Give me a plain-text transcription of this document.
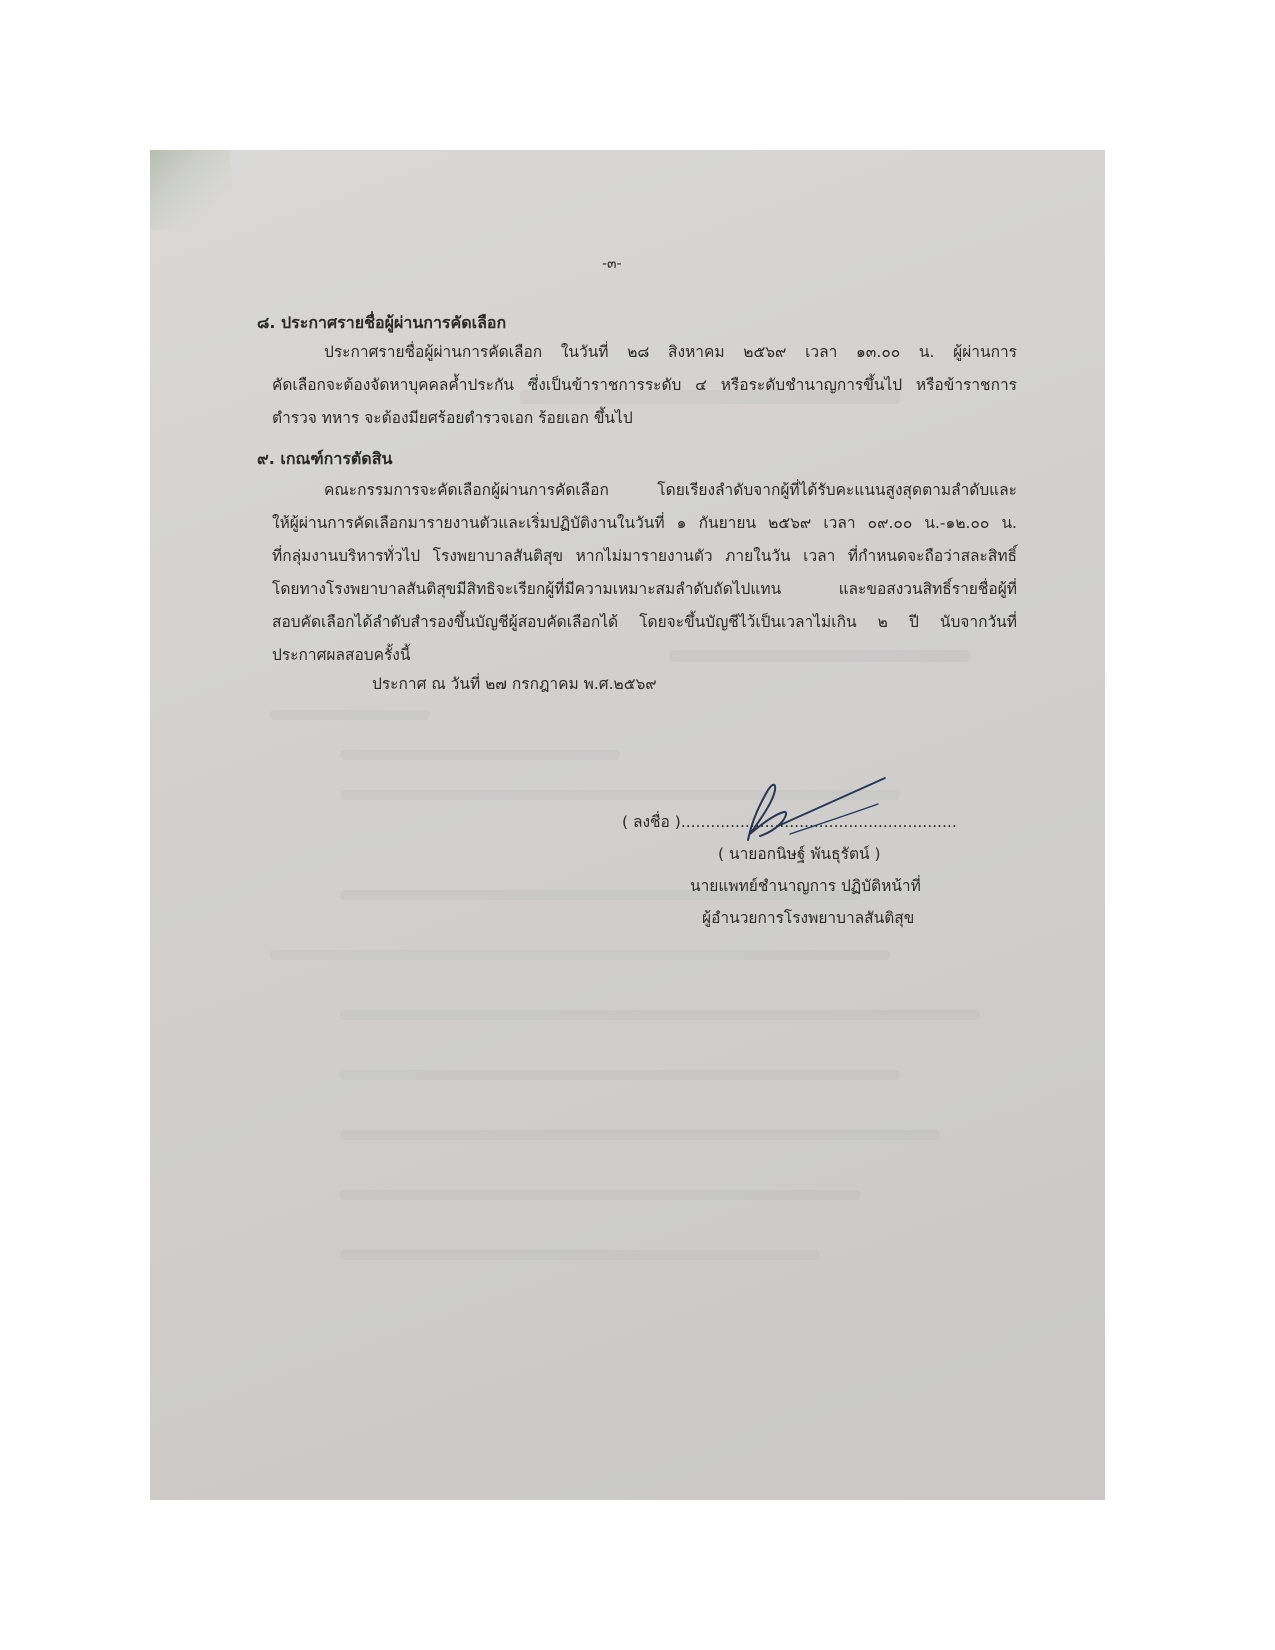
-๓-
๘. ประกาศรายชื่อผู้ผ่านการคัดเลือก
ประกาศรายชื่อผู้ผ่านการคัดเลือก ในวันที่ ๒๘ สิงหาคม ๒๕๖๙ เวลา ๑๓.๐๐ น. ผู้ผ่านการ
คัดเลือกจะต้องจัดหาบุคคลค้ำประกัน ซึ่งเป็นข้าราชการระดับ ๔ หรือระดับชำนาญการขึ้นไป หรือข้าราชการ
ตำรวจ ทหาร จะต้องมียศร้อยตำรวจเอก ร้อยเอก ขึ้นไป
๙. เกณฑ์การตัดสิน
คณะกรรมการจะคัดเลือกผู้ผ่านการคัดเลือก โดยเรียงลำดับจากผู้ที่ได้รับคะแนนสูงสุดตามลำดับและ
ให้ผู้ผ่านการคัดเลือกมารายงานตัวและเริ่มปฏิบัติงานในวันที่ ๑ กันยายน ๒๕๖๙ เวลา ๐๙.๐๐ น.-๑๒.๐๐ น.
ที่กลุ่มงานบริหารทั่วไป โรงพยาบาลสันติสุข หากไม่มารายงานตัว ภายในวัน เวลา ที่กำหนดจะถือว่าสละสิทธิ์
โดยทางโรงพยาบาลสันติสุขมีสิทธิจะเรียกผู้ที่มีความเหมาะสมลำดับถัดไปแทน และขอสงวนสิทธิ์รายชื่อผู้ที่
สอบคัดเลือกได้ลำดับสำรองขึ้นบัญชีผู้สอบคัดเลือกได้ โดยจะขึ้นบัญชีไว้เป็นเวลาไม่เกิน ๒ ปี นับจากวันที่
ประกาศผลสอบครั้งนี้
ประกาศ ณ วันที่ ๒๗ กรกฎาคม พ.ศ.๒๕๖๙
( ลงชื่อ )........................................................
( นายอกนิษฐ์ พันธุรัตน์ )
นายแพทย์ชำนาญการ ปฏิบัติหน้าที่
ผู้อำนวยการโรงพยาบาลสันติสุข
